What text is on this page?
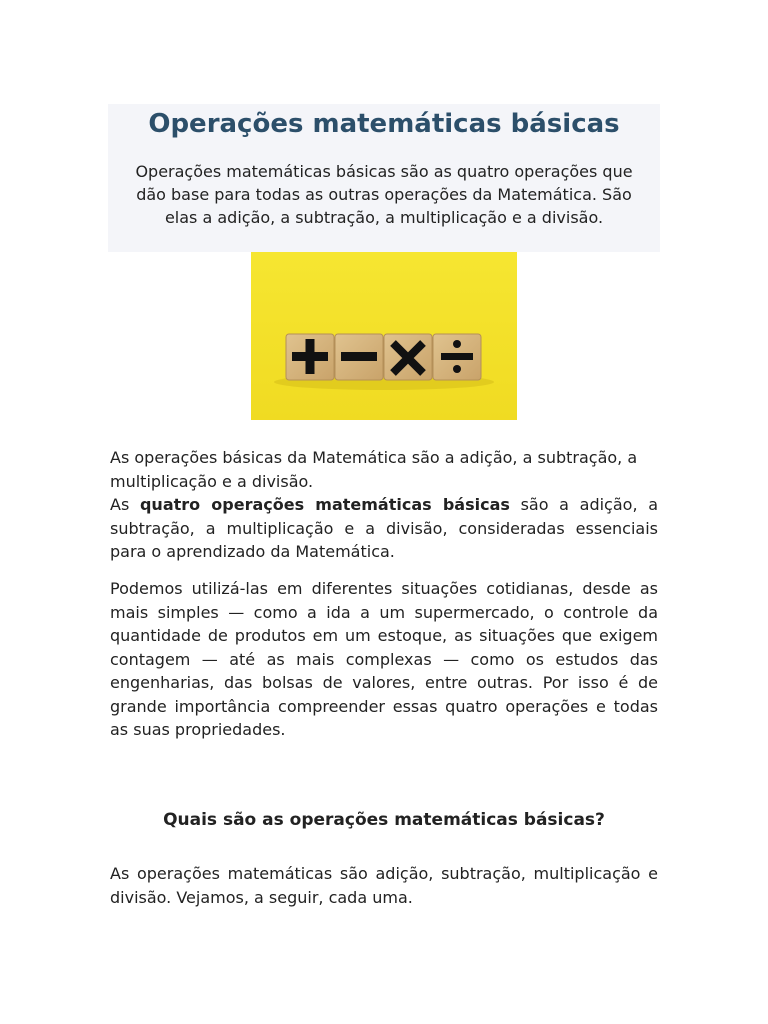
Operações matemáticas básicas
Operações matemáticas básicas são as quatro operações que dão base para todas as outras operações da Matemática. São elas a adição, a subtração, a multiplicação e a divisão.
As operações básicas da Matemática são a adição, a subtração, a multiplicação e a divisão.
As quatro operações matemáticas básicas são a adição, a subtração, a multiplicação e a divisão, consideradas essenciais para o aprendizado da Matemática.
Podemos utilizá-las em diferentes situações cotidianas, desde as mais simples — como a ida a um supermercado, o controle da quantidade de produtos em um estoque, as situações que exigem contagem — até as mais complexas — como os estudos das engenharias, das bolsas de valores, entre outras. Por isso é de grande importância compreender essas quatro operações e todas as suas propriedades.
Quais são as operações matemáticas básicas?
As operações matemáticas são adição, subtração, multiplicação e divisão. Vejamos, a seguir, cada uma.
